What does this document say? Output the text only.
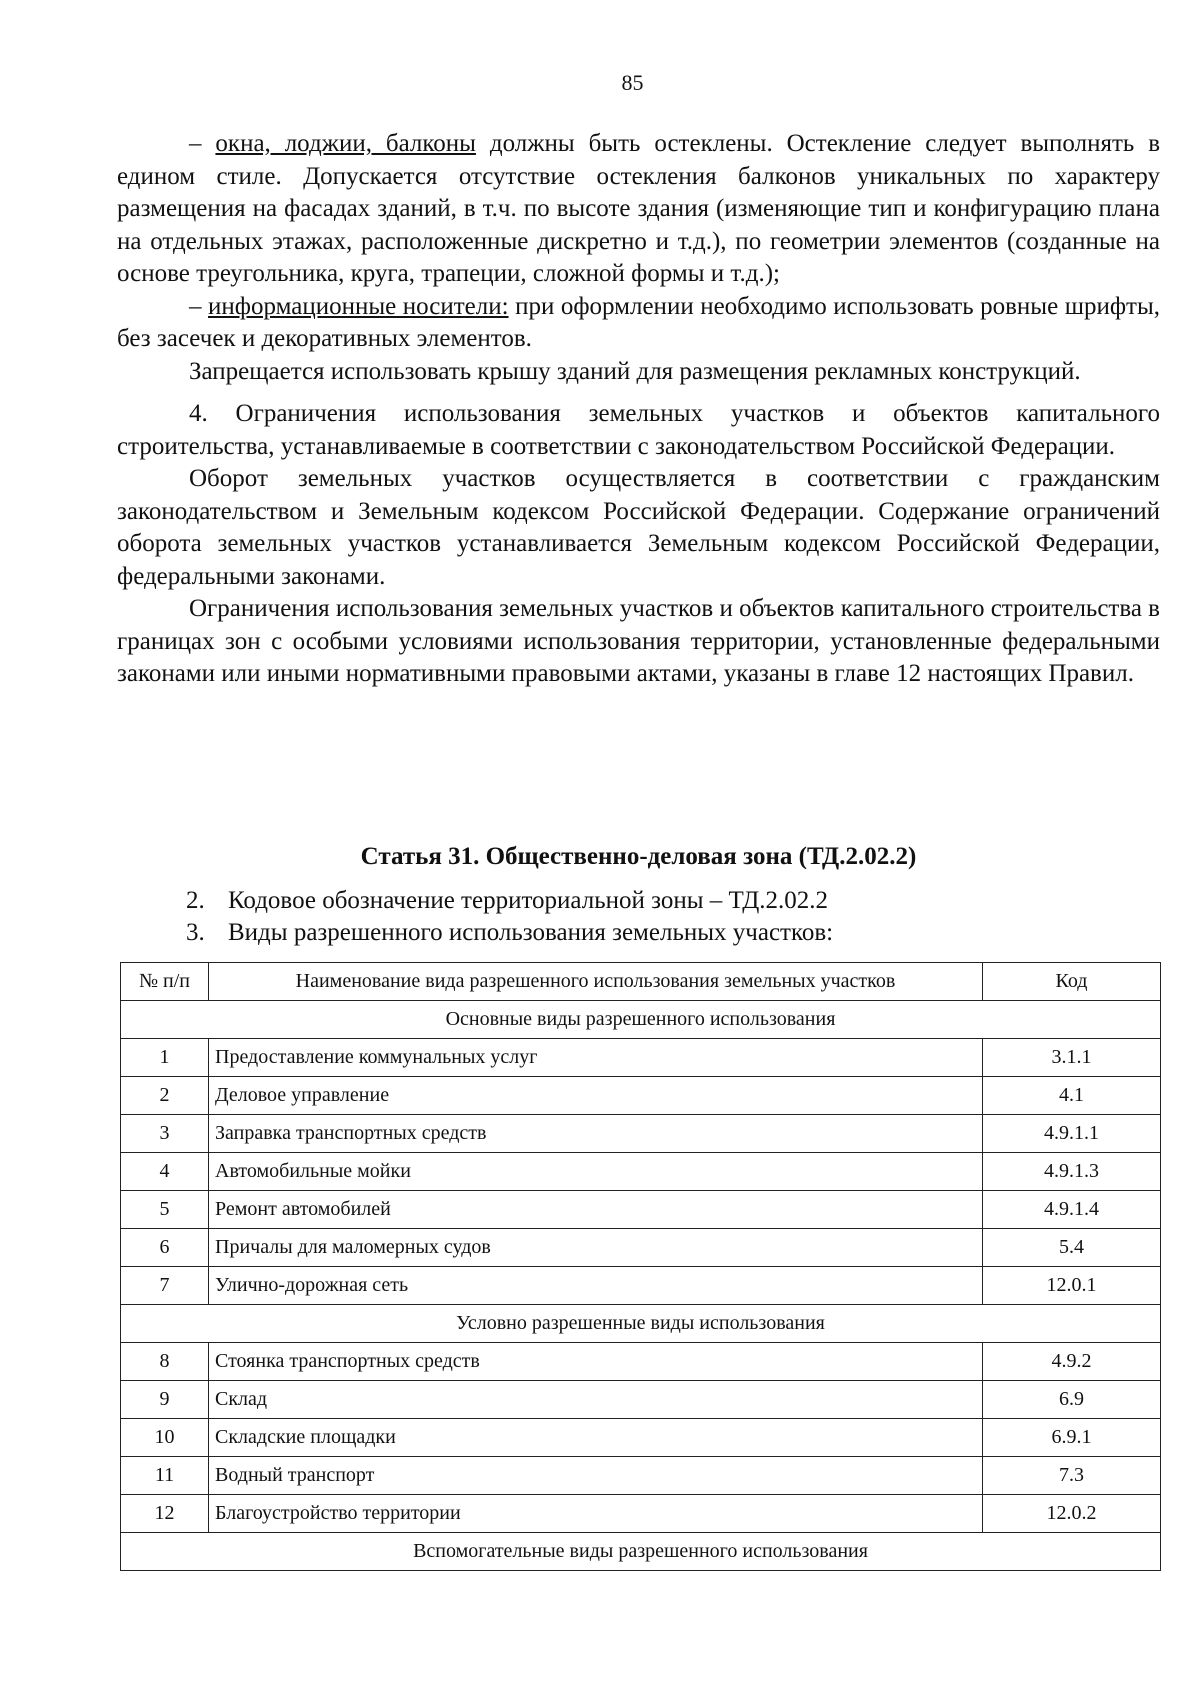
85

– окна, лоджии, балконы должны быть остеклены. Остекление следует выполнять в едином стиле. Допускается отсутствие остекления балконов уникальных по характеру размещения на фасадах зданий, в т.ч. по высоте здания (изменяющие тип и конфигурацию плана на отдельных этажах, расположенные дискретно и т.д.), по геометрии элементов (созданные на основе треугольника, круга, трапеции, сложной формы и т.д.);

– информационные носители: при оформлении необходимо использовать ровные шрифты, без засечек и декоративных элементов.

Запрещается использовать крышу зданий для размещения рекламных конструкций.

4. Ограничения использования земельных участков и объектов капитального строительства, устанавливаемые в соответствии с законодательством Российской Федерации.

Оборот земельных участков осуществляется в соответствии с гражданским законодательством и Земельным кодексом Российской Федерации. Содержание ограничений оборота земельных участков устанавливается Земельным кодексом Российской Федерации, федеральными законами.

Ограничения использования земельных участков и объектов капитального строительства в границах зон с особыми условиями использования территории, установленные федеральными законами или иными нормативными правовыми актами, указаны в главе 12 настоящих Правил.

Статья 31. Общественно-деловая зона (ТД.2.02.2)
2. Кодовое обозначение территориальной зоны – ТД.2.02.2
3. Виды разрешенного использования земельных участков:
№ п/п	Наименование вида разрешенного использования земельных участков	Код
Основные виды разрешенного использования		
1	Предоставление коммунальных услуг	3.1.1
2	Деловое управление	4.1
3	Заправка транспортных средств	4.9.1.1
4	Автомобильные мойки	4.9.1.3
5	Ремонт автомобилей	4.9.1.4
6	Причалы для маломерных судов	5.4
7	Улично-дорожная сеть	12.0.1
Условно разрешенные виды использования		
8	Стоянка транспортных средств	4.9.2
9	Склад	6.9
10	Складские площадки	6.9.1
11	Водный транспорт	7.3
12	Благоустройство территории	12.0.2
Вспомогательные виды разрешенного использования		
